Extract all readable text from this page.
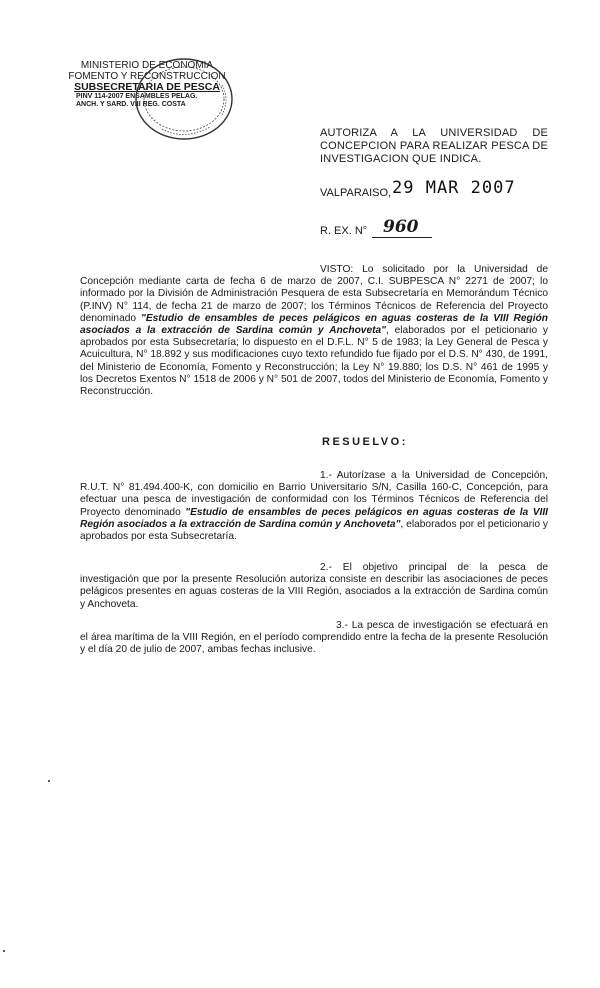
MINISTERIO DE ECONOMIA
FOMENTO Y RECONSTRUCCION
SUBSECRETARIA DE PESCA
PINV 114-2007 ENSAMBLES PELAG.
ANCH. Y SARD. VIII REG. COSTA
AUTORIZA A LA UNIVERSIDAD DE CONCEPCION PARA REALIZAR PESCA DE INVESTIGACION QUE INDICA.
VALPARAISO, 29 MAR 2007
R. EX. N° 960
VISTO: Lo solicitado por la Universidad de Concepción mediante carta de fecha 6 de marzo de 2007, C.I. SUBPESCA N° 2271 de 2007; lo informado por la División de Administración Pesquera de esta Subsecretaría en Memorándum Técnico (P.INV) N° 114, de fecha 21 de marzo de 2007; los Términos Técnicos de Referencia del Proyecto denominado "Estudio de ensambles de peces pelágicos en aguas costeras de la VIII Región asociados a la extracción de Sardina común y Anchoveta", elaborados por el peticionario y aprobados por esta Subsecretaría; lo dispuesto en el D.F.L. N° 5 de 1983; la Ley General de Pesca y Acuicultura, N° 18.892 y sus modificaciones cuyo texto refundido fue fijado por el D.S. N° 430, de 1991, del Ministerio de Economía, Fomento y Reconstrucción; la Ley N° 19.880; los D.S. N° 461 de 1995 y los Decretos Exentos N° 1518 de 2006 y N° 501 de 2007, todos del Ministerio de Economía, Fomento y Reconstrucción.
RESUELVO:
1.- Autorízase a la Universidad de Concepción, R.U.T. N° 81.494.400-K, con domicilio en Barrio Universitario S/N, Casilla 160-C, Concepción, para efectuar una pesca de investigación de conformidad con los Términos Técnicos de Referencia del Proyecto denominado "Estudio de ensambles de peces pelágicos en aguas costeras de la VIII Región asociados a la extracción de Sardina común y Anchoveta", elaborados por el peticionario y aprobados por esta Subsecretaría.
2.- El objetivo principal de la pesca de investigación que por la presente Resolución autoriza consiste en describir las asociaciones de peces pelágicos presentes en aguas costeras de la VIII Región, asociados a la extracción de Sardina común y Anchoveta.
3.- La pesca de investigación se efectuará en el área marítima de la VIII Región, en el período comprendido entre la fecha de la presente Resolución y el día 20 de julio de 2007, ambas fechas inclusive.
